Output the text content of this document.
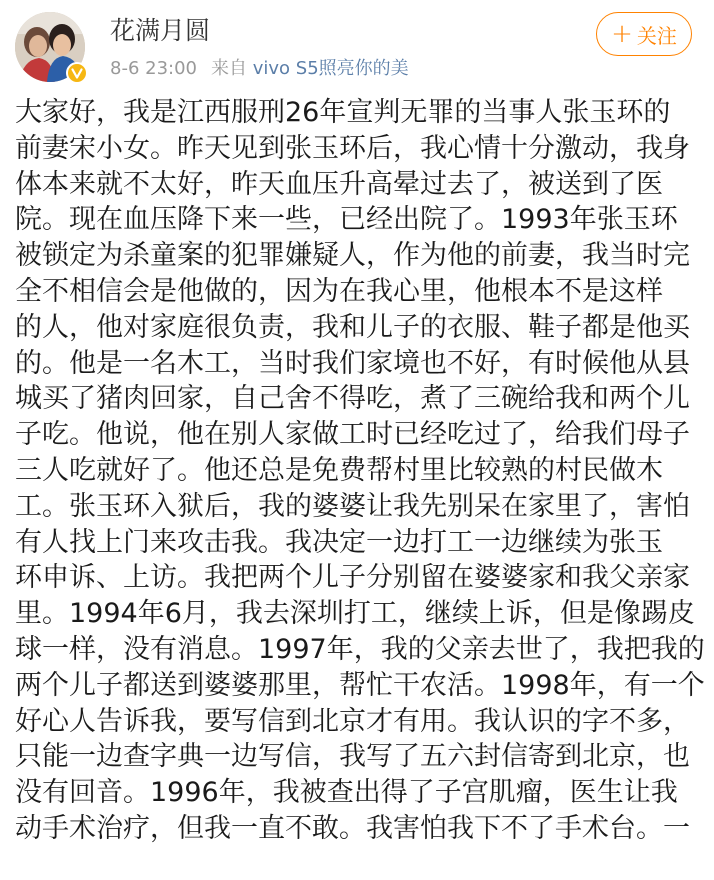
花满月圆
8-6 23:00 来自 vivo S5照亮你的美
+ 关注
大家好，我是江西服刑26年宣判无罪的当事人张玉环的
前妻宋小女。昨天见到张玉环后，我心情十分激动，我身
体本来就不太好，昨天血压升高晕过去了，被送到了医
院。现在血压降下来一些，已经出院了。1993年张玉环
被锁定为杀童案的犯罪嫌疑人，作为他的前妻，我当时完
全不相信会是他做的，因为在我心里，他根本不是这样
的人，他对家庭很负责，我和儿子的衣服、鞋子都是他买
的。他是一名木工，当时我们家境也不好，有时候他从县
城买了猪肉回家，自己舍不得吃，煮了三碗给我和两个儿
子吃。他说，他在别人家做工时已经吃过了，给我们母子
三人吃就好了。他还总是免费帮村里比较熟的村民做木
工。张玉环入狱后，我的婆婆让我先别呆在家里了，害怕
有人找上门来攻击我。我决定一边打工一边继续为张玉
环申诉、上访。我把两个儿子分别留在婆婆家和我父亲家
里。1994年6月，我去深圳打工，继续上诉，但是像踢皮
球一样，没有消息。1997年，我的父亲去世了，我把我的
两个儿子都送到婆婆那里，帮忙干农活。1998年，有一个
好心人告诉我，要写信到北京才有用。我认识的字不多，
只能一边查字典一边写信，我写了五六封信寄到北京，也
没有回音。1996年，我被查出得了子宫肌瘤，医生让我
动手术治疗，但我一直不敢。我害怕我下不了手术台。一
